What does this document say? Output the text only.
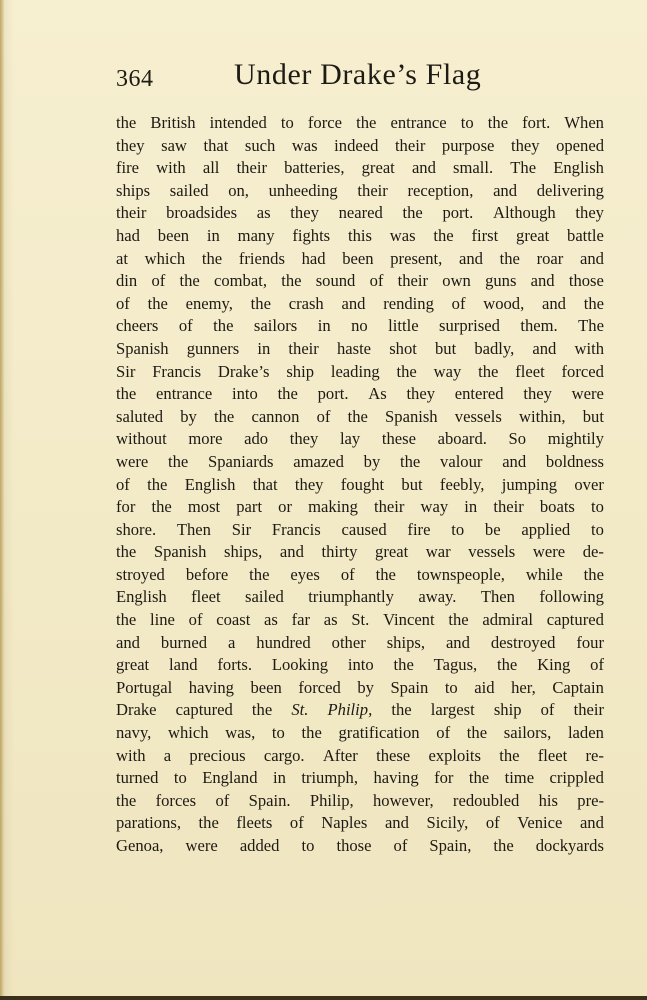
364	Under Drake’s Flag
the British intended to force the entrance to the fort. When
they saw that such was indeed their purpose they opened
fire with all their batteries, great and small. The English
ships sailed on, unheeding their reception, and delivering
their broadsides as they neared the port. Although they
had been in many fights this was the first great battle
at which the friends had been present, and the roar and
din of the combat, the sound of their own guns and those
of the enemy, the crash and rending of wood, and the
cheers of the sailors in no little surprised them. The
Spanish gunners in their haste shot but badly, and with
Sir Francis Drake’s ship leading the way the fleet forced
the entrance into the port. As they entered they were
saluted by the cannon of the Spanish vessels within, but
without more ado they lay these aboard. So mightily
were the Spaniards amazed by the valour and boldness
of the English that they fought but feebly, jumping over
for the most part or making their way in their boats to
shore. Then Sir Francis caused fire to be applied to
the Spanish ships, and thirty great war vessels were de-
stroyed before the eyes of the townspeople, while the
English fleet sailed triumphantly away. Then following
the line of coast as far as St. Vincent the admiral captured
and burned a hundred other ships, and destroyed four
great land forts. Looking into the Tagus, the King of
Portugal having been forced by Spain to aid her, Captain
Drake captured the St. Philip, the largest ship of their
navy, which was, to the gratification of the sailors, laden
with a precious cargo. After these exploits the fleet re-
turned to England in triumph, having for the time crippled
the forces of Spain. Philip, however, redoubled his pre-
parations, the fleets of Naples and Sicily, of Venice and
Genoa, were added to those of Spain, the dockyards
